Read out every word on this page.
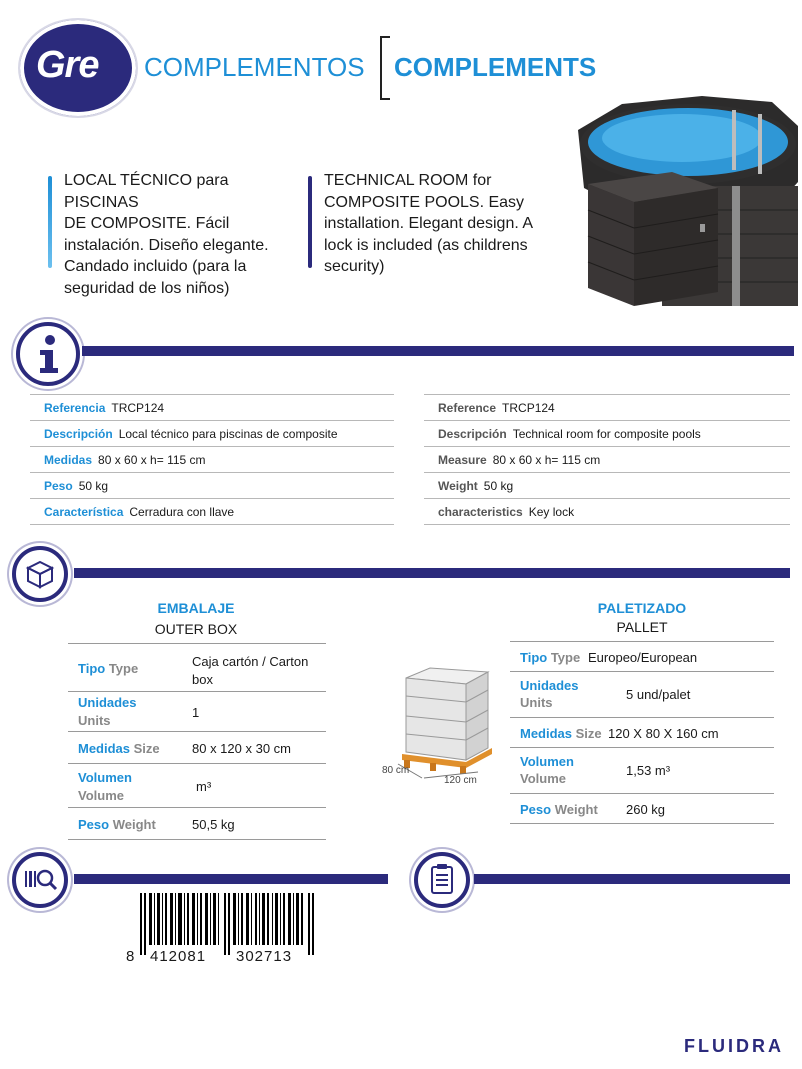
Gre COMPLEMENTOS COMPLEMENTS
LOCAL TÉCNICO para PISCINAS
DE COMPOSITE. Fácil
instalación. Diseño elegante.
Candado incluido (para la
seguridad de los niños)
TECHNICAL ROOM for
COMPOSITE POOLS. Easy
installation. Elegant design. A
lock is included (as childrens
security)
Referencia TRCP124
Descripción Local técnico para piscinas de composite
Medidas 80 x 60 x h= 115 cm
Peso 50 kg
Característica Cerradura con llave
Reference TRCP124
Descripción Technical room for composite pools
Measure 80 x 60 x h= 115 cm
Weight 50 kg
characteristics Key lock
EMBALAJE
OUTER BOX
Tipo Type	Caja cartón / Carton box
Unidades
Units
1
Medidas Size 80 x 120 x 30 cm
Volumen
Volume
m³
Peso Weight	50,5 kg
80 cm
120 cm
PALETIZADO
PALLET
Tipo Type Europeo/European
Unidades
Units
5 und/palet
Medidas Size 120 X 80 X 160 cm
Volumen
Volume
1,53 m³
Peso Weight 260 kg
8 412081 302713
FLUIDRA
